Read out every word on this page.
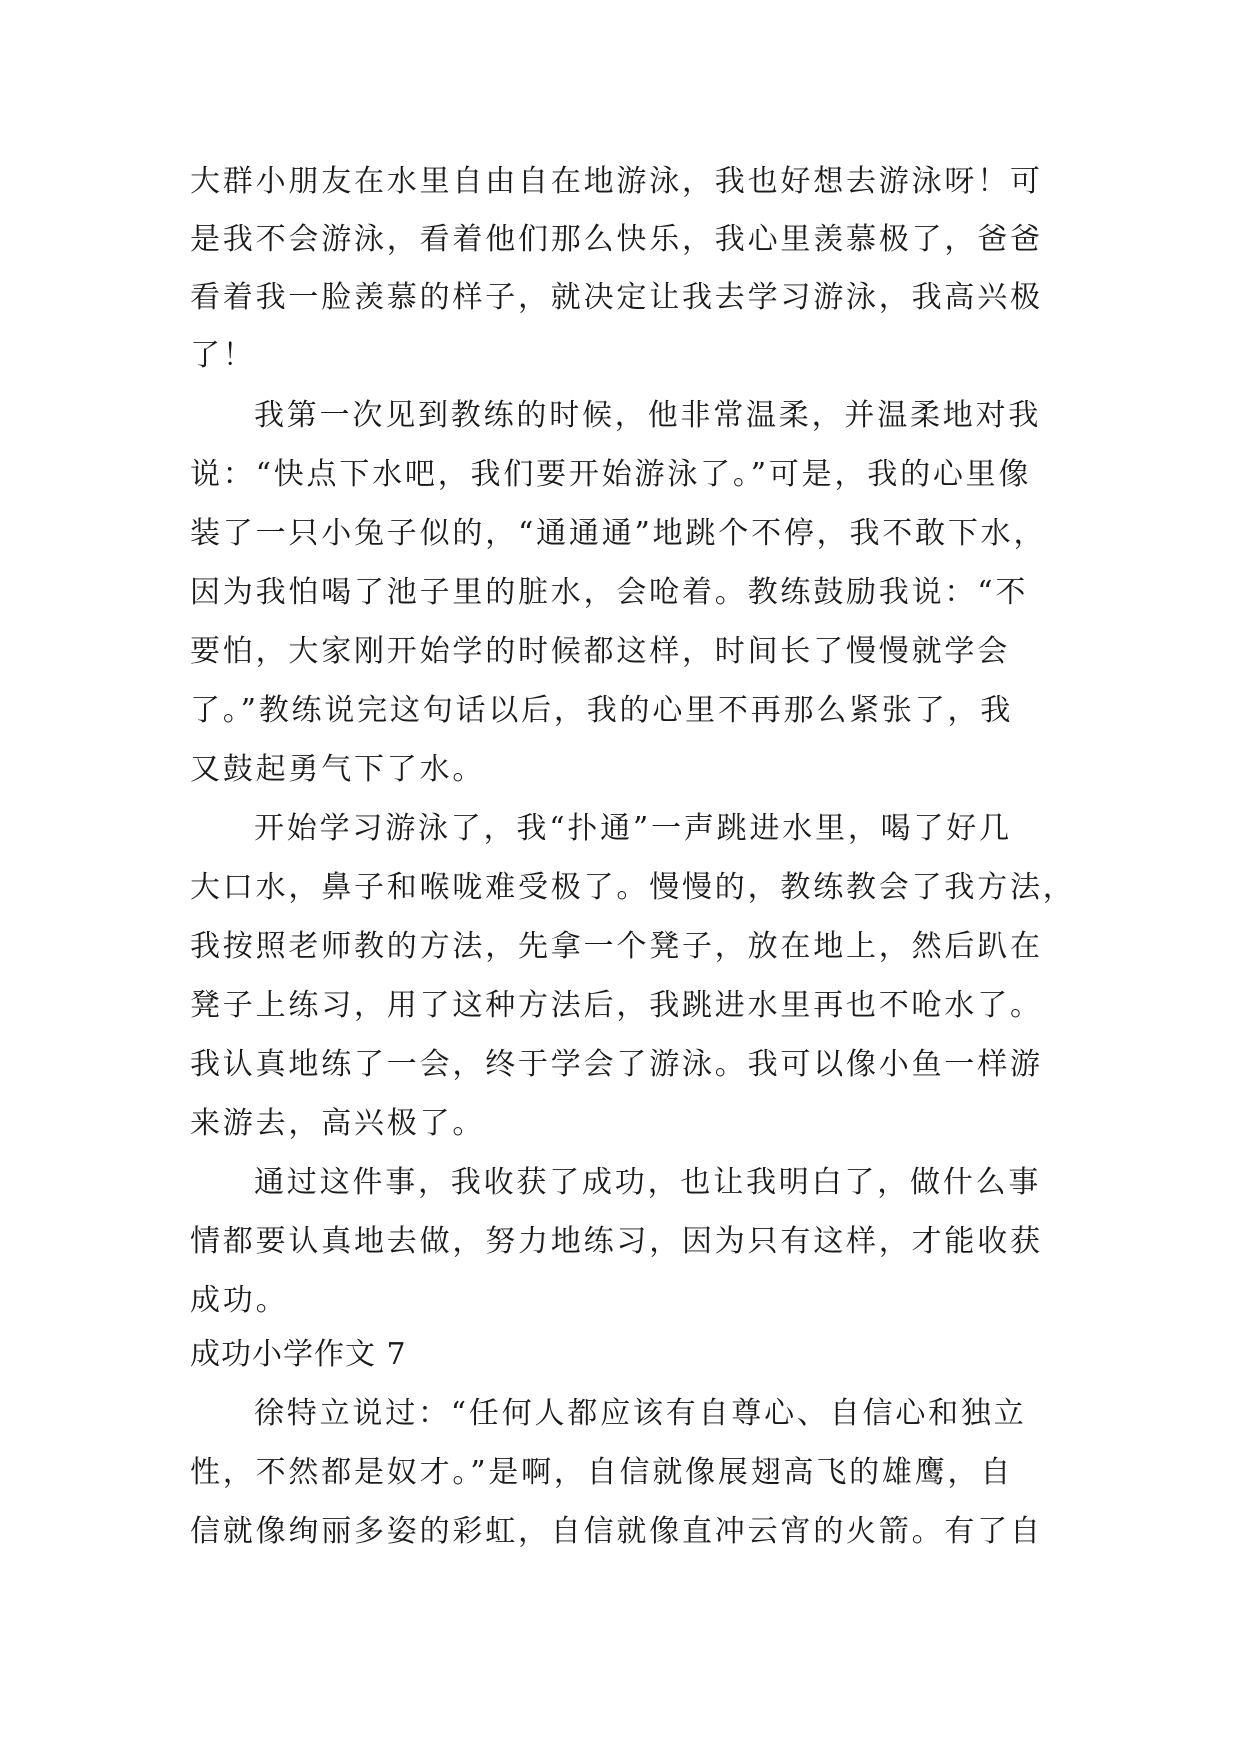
大群小朋友在水里自由自在地游泳，我也好想去游泳呀！可
是我不会游泳，看着他们那么快乐，我心里羡慕极了，爸爸
看着我一脸羡慕的样子，就决定让我去学习游泳，我高兴极
了！
我第一次见到教练的时候，他非常温柔，并温柔地对我
说：“快点下水吧，我们要开始游泳了。”可是，我的心里像
装了一只小兔子似的，“通通通”地跳个不停，我不敢下水，
因为我怕喝了池子里的脏水，会呛着。教练鼓励我说：“不
要怕，大家刚开始学的时候都这样，时间长了慢慢就学会
了。”教练说完这句话以后，我的心里不再那么紧张了，我
又鼓起勇气下了水。
开始学习游泳了，我“扑通”一声跳进水里，喝了好几
大口水，鼻子和喉咙难受极了。慢慢的，教练教会了我方法，
我按照老师教的方法，先拿一个凳子，放在地上，然后趴在
凳子上练习，用了这种方法后，我跳进水里再也不呛水了。
我认真地练了一会，终于学会了游泳。我可以像小鱼一样游
来游去，高兴极了。
通过这件事，我收获了成功，也让我明白了，做什么事
情都要认真地去做，努力地练习，因为只有这样，才能收获
成功。
成功小学作文 7
徐特立说过：“任何人都应该有自尊心、自信心和独立
性，不然都是奴才。”是啊，自信就像展翅高飞的雄鹰，自
信就像绚丽多姿的彩虹，自信就像直冲云宵的火箭。有了自
